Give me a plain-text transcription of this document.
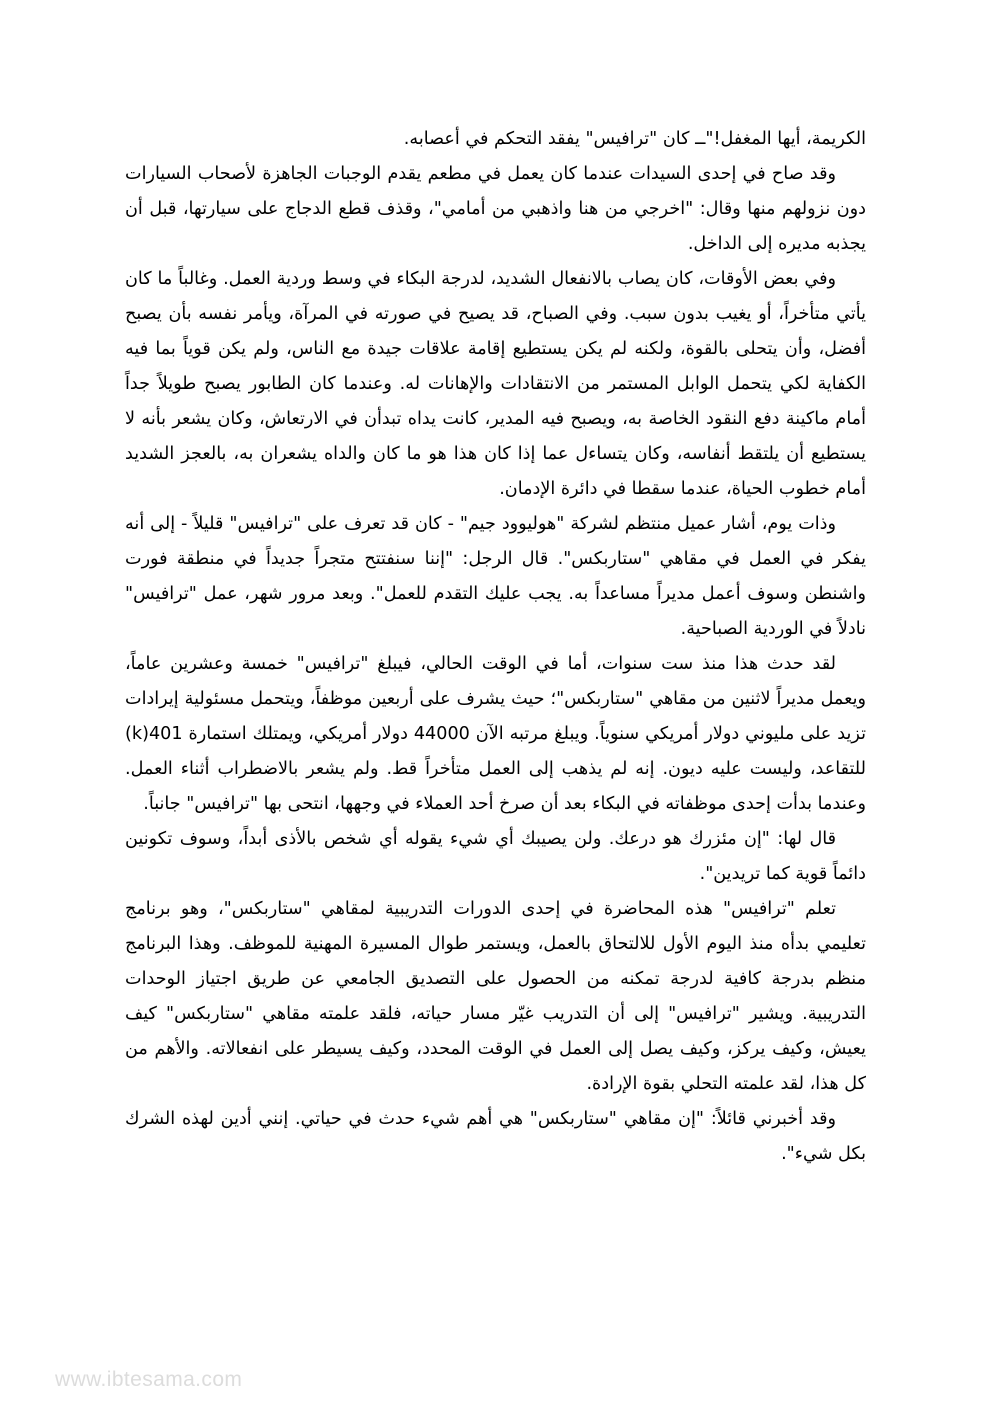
الكريمة، أيها المغفل!"ــ كان "ترافيس" يفقد التحكم في أعصابه.

وقد صاح في إحدى السيدات عندما كان يعمل في مطعم يقدم الوجبات الجاهزة لأصحاب السيارات دون نزولهم منها وقال: "اخرجي من هنا واذهبي من أمامي"، وقذف قطع الدجاج على سيارتها، قبل أن يجذبه مديره إلى الداخل.

وفي بعض الأوقات، كان يصاب بالانفعال الشديد، لدرجة البكاء في وسط وردية العمل. وغالباً ما كان يأتي متأخراً، أو يغيب بدون سبب. وفي الصباح، قد يصيح في صورته في المرآة، ويأمر نفسه بأن يصبح أفضل، وأن يتحلى بالقوة، ولكنه لم يكن يستطيع إقامة علاقات جيدة مع الناس، ولم يكن قوياً بما فيه الكفاية لكي يتحمل الوابل المستمر من الانتقادات والإهانات له. وعندما كان الطابور يصبح طويلاً جداً أمام ماكينة دفع النقود الخاصة به، ويصبح فيه المدير، كانت يداه تبدأن في الارتعاش، وكان يشعر بأنه لا يستطيع أن يلتقط أنفاسه، وكان يتساءل عما إذا كان هذا هو ما كان والداه يشعران به، بالعجز الشديد أمام خطوب الحياة، عندما سقطا في دائرة الإدمان.

وذات يوم، أشار عميل منتظم لشركة "هوليوود جيم" - كان قد تعرف على "ترافيس" قليلاً - إلى أنه يفكر في العمل في مقاهي "ستاربكس". قال الرجل: "إننا سنفتتح متجراً جديداً في منطقة فورت واشنطن وسوف أعمل مديراً مساعداً به. يجب عليك التقدم للعمل". وبعد مرور شهر، عمل "ترافيس" نادلاً في الوردية الصباحية.

لقد حدث هذا منذ ست سنوات، أما في الوقت الحالي، فيبلغ "ترافيس" خمسة وعشرين عاماً، ويعمل مديراً لاثنين من مقاهي "ستاربكس"؛ حيث يشرف على أربعين موظفاً، ويتحمل مسئولية إيرادات تزيد على مليوني دولار أمريكي سنوياً. ويبلغ مرتبه الآن 44000 دولار أمريكي، ويمتلك استمارة 401(k) للتقاعد، وليست عليه ديون. إنه لم يذهب إلى العمل متأخراً قط. ولم يشعر بالاضطراب أثناء العمل. وعندما بدأت إحدى موظفاته في البكاء بعد أن صرخ أحد العملاء في وجهها، انتحى بها "ترافيس" جانباً.

قال لها: "إن مئزرك هو درعك. ولن يصيبك أي شيء يقوله أي شخص بالأذى أبداً، وسوف تكونين دائماً قوية كما تريدين".

تعلم "ترافيس" هذه المحاضرة في إحدى الدورات التدريبية لمقاهي "ستاربكس"، وهو برنامج تعليمي بدأه منذ اليوم الأول للالتحاق بالعمل، ويستمر طوال المسيرة المهنية للموظف. وهذا البرنامج منظم بدرجة كافية لدرجة تمكنه من الحصول على التصديق الجامعي عن طريق اجتياز الوحدات التدريبية. ويشير "ترافيس" إلى أن التدريب غيّر مسار حياته، فلقد علمته مقاهي "ستاربكس" كيف يعيش، وكيف يركز، وكيف يصل إلى العمل في الوقت المحدد، وكيف يسيطر على انفعالاته. والأهم من كل هذا، لقد علمته التحلي بقوة الإرادة.

وقد أخبرني قائلاً: "إن مقاهي "ستاربكس" هي أهم شيء حدث في حياتي. إنني أدين لهذه الشرك بكل شيء".

www.ibtesama.com
